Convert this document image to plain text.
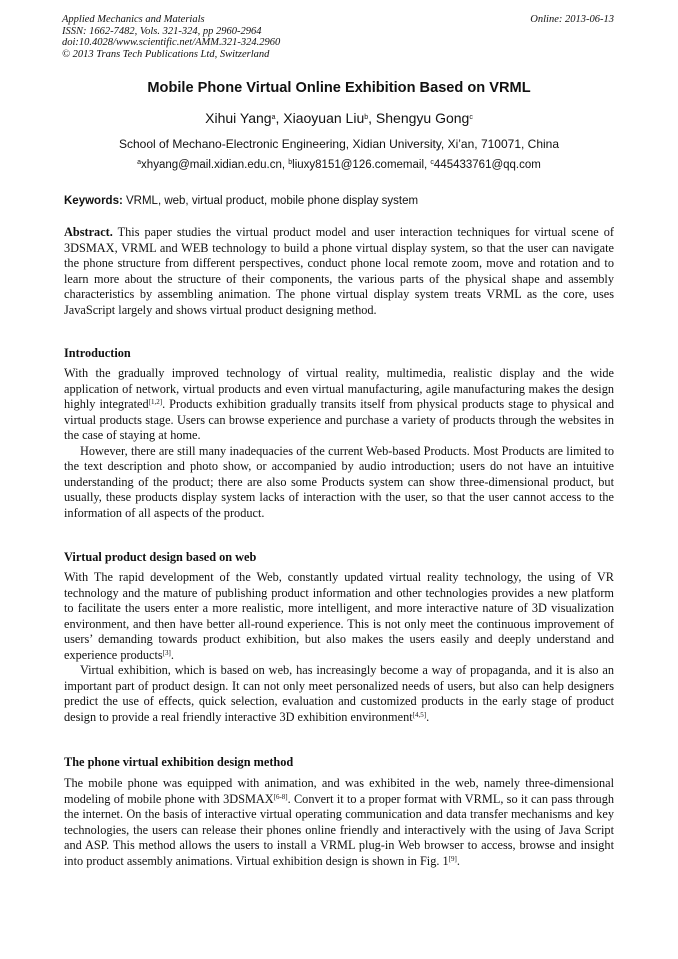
Applied Mechanics and Materials
ISSN: 1662-7482, Vols. 321-324, pp 2960-2964
doi:10.4028/www.scientific.net/AMM.321-324.2960
© 2013 Trans Tech Publications Ltd, Switzerland
Online: 2013-06-13
Mobile Phone Virtual Online Exhibition Based on VRML
Xihui Yang$^a$, Xiaoyuan Liu$^b$, Shengyu Gong$^c$
School of Mechano-Electronic Engineering, Xidian University, Xi’an, 710071, China
$^a$xhyang@mail.xidian.edu.cn, $^b$liuxy8151@126.comemail, $^c$445433761@qq.com
Keywords: VRML, web, virtual product, mobile phone display system

Abstract. This paper studies the virtual product model and user interaction techniques for virtual scene of 3DSMAX, VRML and WEB technology to build a phone virtual display system, so that the user can navigate the phone structure from different perspectives, conduct phone local remote zoom, move and rotation and to learn more about the structure of their components, the various parts of the physical shape and assembly characteristics by assembling animation. The phone virtual display system treats VRML as the core, uses JavaScript largely and shows virtual product designing method.

Introduction

With the gradually improved technology of virtual reality, multimedia, realistic display and the wide application of network, virtual products and even virtual manufacturing, agile manufacturing makes the design highly integrated[1,2]. Products exhibition gradually transits itself from physical products stage to physical and virtual products stage. Users can browse experience and purchase a variety of products through the websites in the case of staying at home.

However, there are still many inadequacies of the current Web-based Products. Most Products are limited to the text description and photo show, or accompanied by audio introduction; users do not have an intuitive understanding of the product; there are also some Products system can show three-dimensional product, but usually, these products display system lacks of interaction with the user, so that the user cannot access to the information of all aspects of the product.

Virtual product design based on web

With The rapid development of the Web, constantly updated virtual reality technology, the using of VR technology and the mature of publishing product information and other technologies provides a new platform to facilitate the users enter a more realistic, more intelligent, and more interactive nature of 3D visualization environment, and then have better all-round experience. This is not only meet the continuous improvement of users’ demanding towards product exhibition, but also makes the users easily and deeply understand and experience products[3].

Virtual exhibition, which is based on web, has increasingly become a way of propaganda, and it is also an important part of product design. It can not only meet personalized needs of users, but also can help designers predict the use of effects, quick selection, evaluation and customized products in the early stage of product design to provide a real friendly interactive 3D exhibition environment[4,5].

The phone virtual exhibition design method

The mobile phone was equipped with animation, and was exhibited in the web, namely three-dimensional modeling of mobile phone with 3DSMAX[6-8]. Convert it to a proper format with VRML, so it can pass through the internet. On the basis of interactive virtual operating communication and data transfer mechanisms and key technologies, the users can release their phones online friendly and interactively with the using of Java Script and ASP. This method allows the users to install a VRML plug-in Web browser to access, browse and insight into product assembly animations. Virtual exhibition design is shown in Fig. 1[9].
